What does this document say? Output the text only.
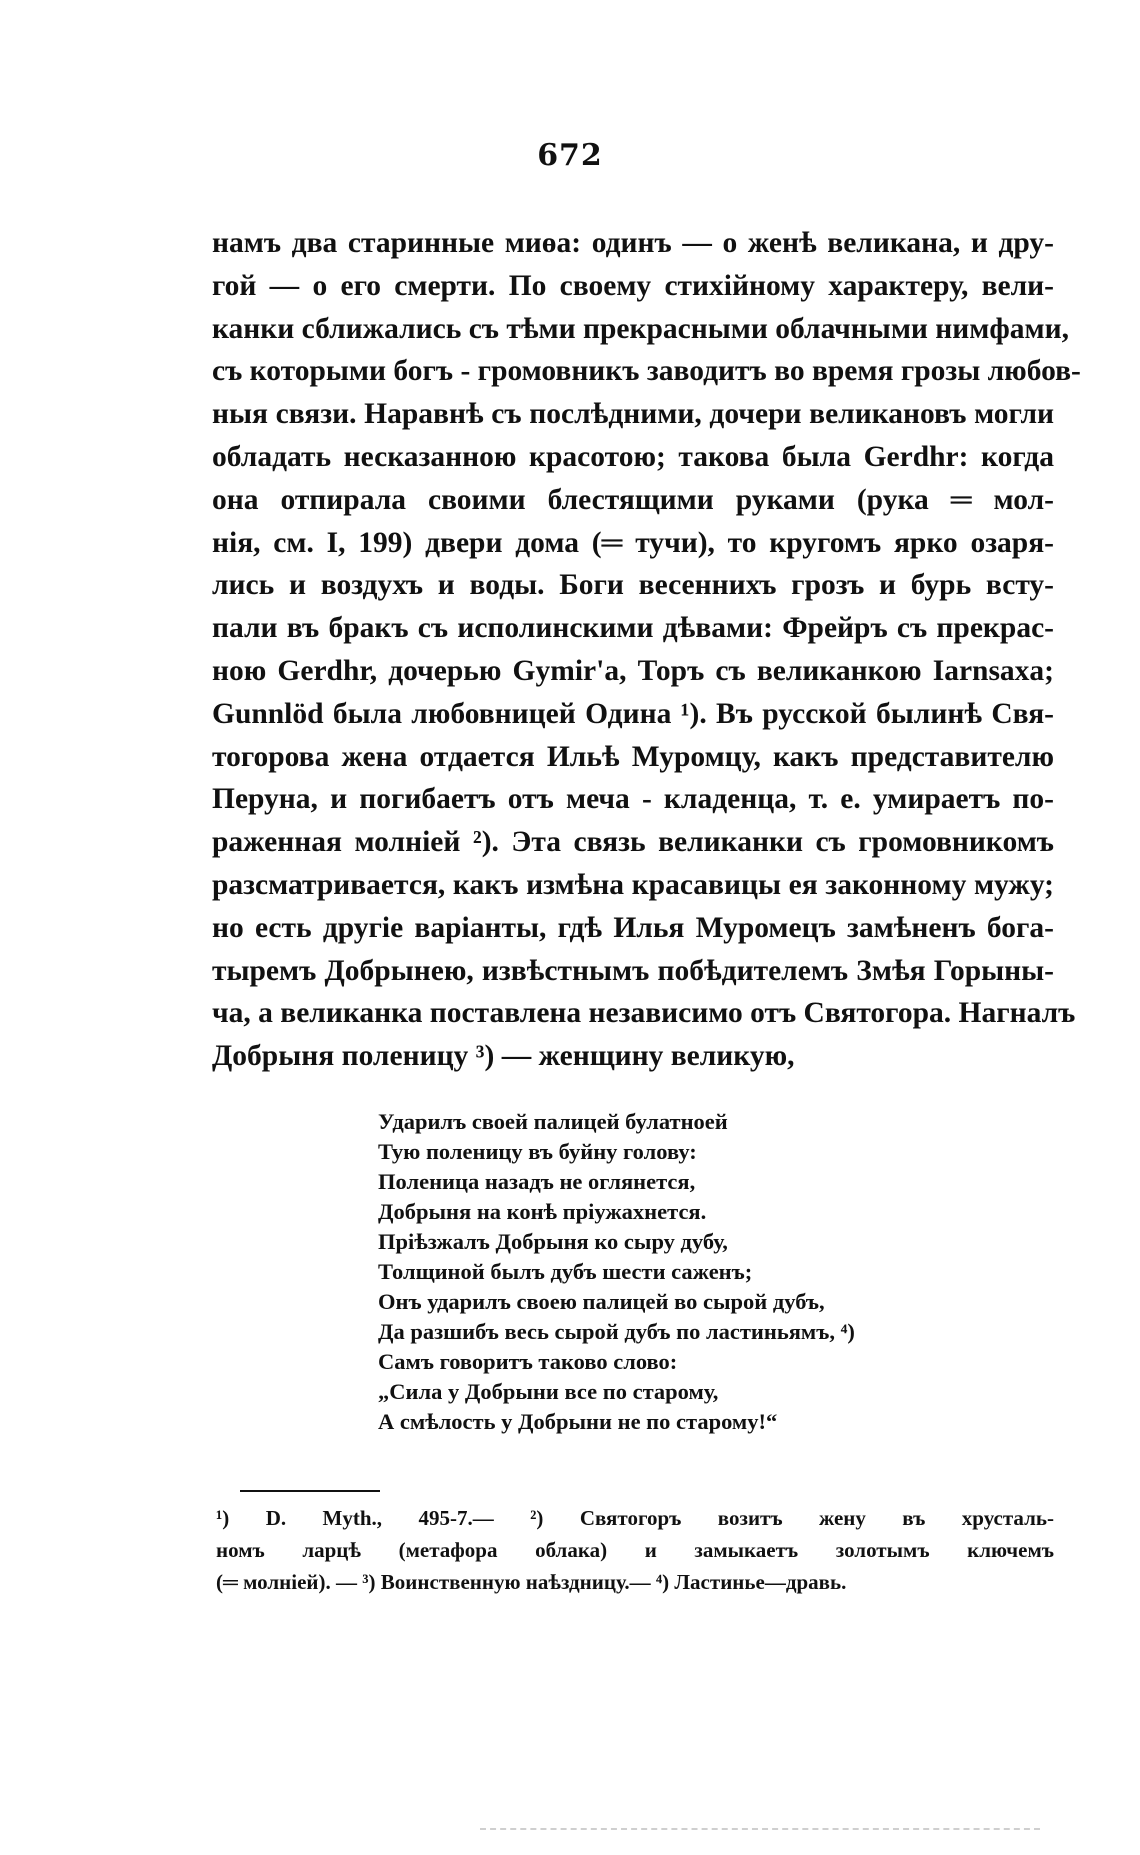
672
намъ два старинные миөа: одинъ — о женѣ великана, и дру-
гой — о его смерти. По своему стихійному характеру, вели-
канки сближались съ тѣми прекрасными облачными нимфами,
съ которыми богъ - громовникъ заводитъ во время грозы любов-
ныя связи. Наравнѣ съ послѣдними, дочери великановъ могли
обладать несказанною красотою; такова была Gerdhr: когда
она отпирала своими блестящими руками (рука ═ мол-
нія, см. I, 199) двери дома (═ тучи), то кругомъ ярко озаря-
лись и воздухъ и воды. Боги весеннихъ грозъ и бурь всту-
пали въ бракъ съ исполинскими дѣвами: Фрейръ съ прекрас-
ною Gerdhr, дочерью Gymir'а, Торъ съ великанкою Iarnsaxa;
Gunnlöd была любовницей Одина ¹). Въ русской былинѣ Свя-
тогорова жена отдается Ильѣ Муромцу, какъ представителю
Перуна, и погибаетъ отъ меча - кладенца, т. е. умираетъ по-
раженная молніей ²). Эта связь великанки съ громовникомъ
разсматривается, какъ измѣна красавицы ея законному мужу;
но есть другіе варіанты, гдѣ Илья Муромецъ замѣненъ бога-
тыремъ Добрынею, извѣстнымъ побѣдителемъ Змѣя Горыны-
ча, а великанка поставлена независимо отъ Святогора. Нагналъ
Добрыня поленицу ³) — женщину великую,
Ударилъ своей палицей булатноей
Тую поленицу въ буйну голову:
Поленица назадъ не оглянется,
Добрыня на конѣ пріужахнется.
Пріѣзжалъ Добрыня ко сыру дубу,
Толщиной былъ дубъ шести саженъ;
Онъ ударилъ своею палицей во сырой дубъ,
Да разшибъ весь сырой дубъ по ластиньямъ, ⁴)
Самъ говоритъ таково слово:
„Сила у Добрыни все по старому,
А смѣлость у Добрыни не по старому!“
¹) D. Myth., 495-7.— ²) Святогоръ возитъ жену въ хрусталь-
номъ ларцѣ (метафора облака) и замыкаетъ золотымъ ключемъ
(═ молніей). — ³) Воинственную наѣздницу.— ⁴) Ластинье—дравь.
